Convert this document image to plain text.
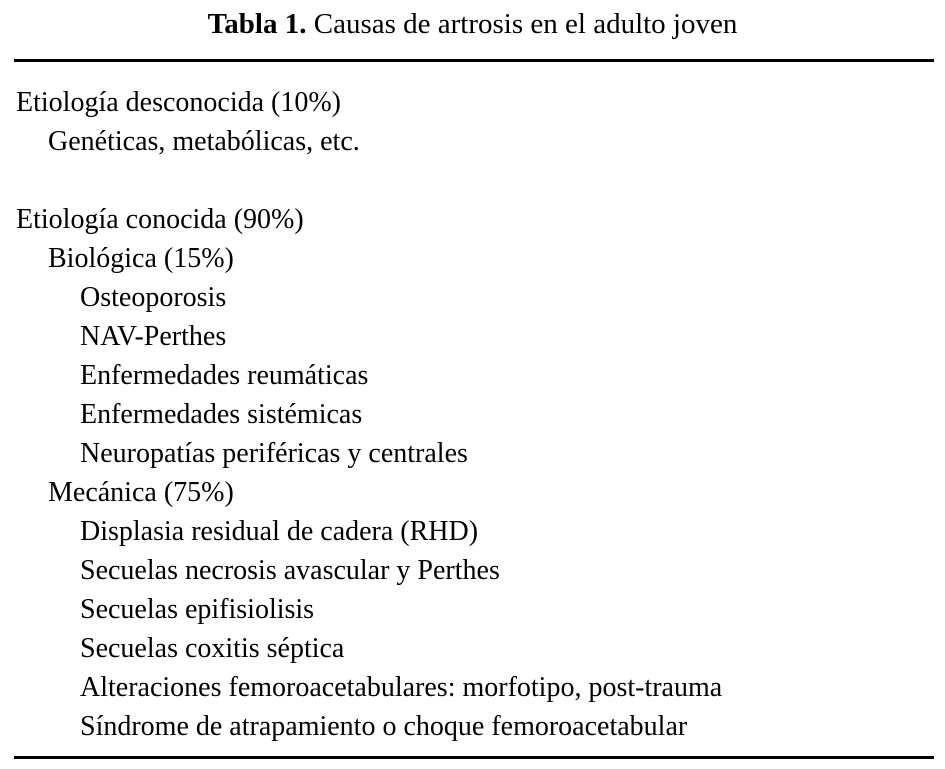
Tabla 1. Causas de artrosis en el adulto joven
Etiología desconocida (10%)
Genéticas, metabólicas, etc.
Etiología conocida (90%)
Biológica (15%)
Osteoporosis
NAV-Perthes
Enfermedades reumáticas
Enfermedades sistémicas
Neuropatías periféricas y centrales
Mecánica (75%)
Displasia residual de cadera (RHD)
Secuelas necrosis avascular y Perthes
Secuelas epifisiolisis
Secuelas coxitis séptica
Alteraciones femoroacetabulares: morfotipo, post-trauma
Síndrome de atrapamiento o choque femoroacetabular
